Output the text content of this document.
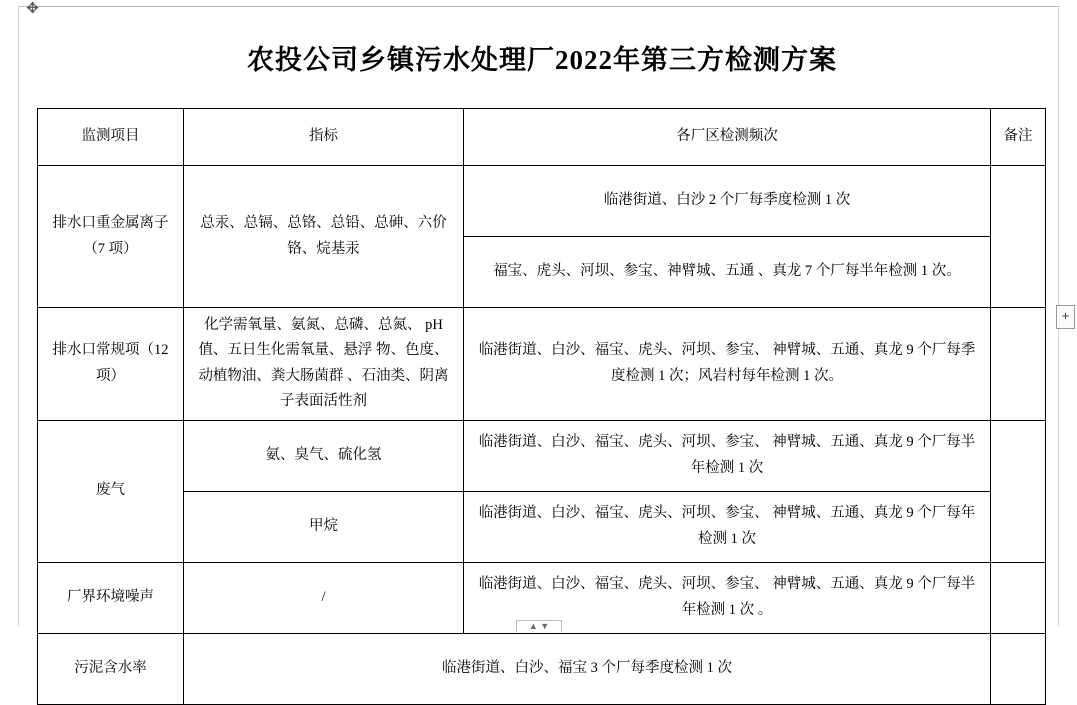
✥
+
▲ ▼
农投公司乡镇污水处理厂2022年第三方检测方案
监测项目	指标	各厂区检测频次	备注
排水口重金属离子（7 项）	总汞、总镉、总铬、总铅、总砷、六价铬、烷基汞	临港街道、白沙 2 个厂每季度检测 1 次	
		福宝、虎头、河坝、参宝、神臂城、五通 、真龙 7 个厂每半年检测 1 次。	
排水口常规项（12 项）	化学需氧量、氨氮、总磷、总氮、 pH 值、五日生化需氧量、悬浮 物、色度、动植物油、粪大肠菌群 、石油类、阴离子表面活性剂	临港街道、白沙、福宝、虎头、河坝、参宝、 神臂城、五通、真龙 9 个厂每季度检测 1 次；风岩村每年检测 1 次。	
废气	氨、臭气、硫化氢	临港街道、白沙、福宝、虎头、河坝、参宝、 神臂城、五通、真龙 9 个厂每半年检测 1 次	
	甲烷	临港街道、白沙、福宝、虎头、河坝、参宝、 神臂城、五通、真龙 9 个厂每年检测 1 次	
厂界环境噪声	/	临港街道、白沙、福宝、虎头、河坝、参宝、 神臂城、五通、真龙 9 个厂每半年检测 1 次 。	
污泥含水率	临港街道、白沙、福宝 3 个厂每季度检测 1 次		
